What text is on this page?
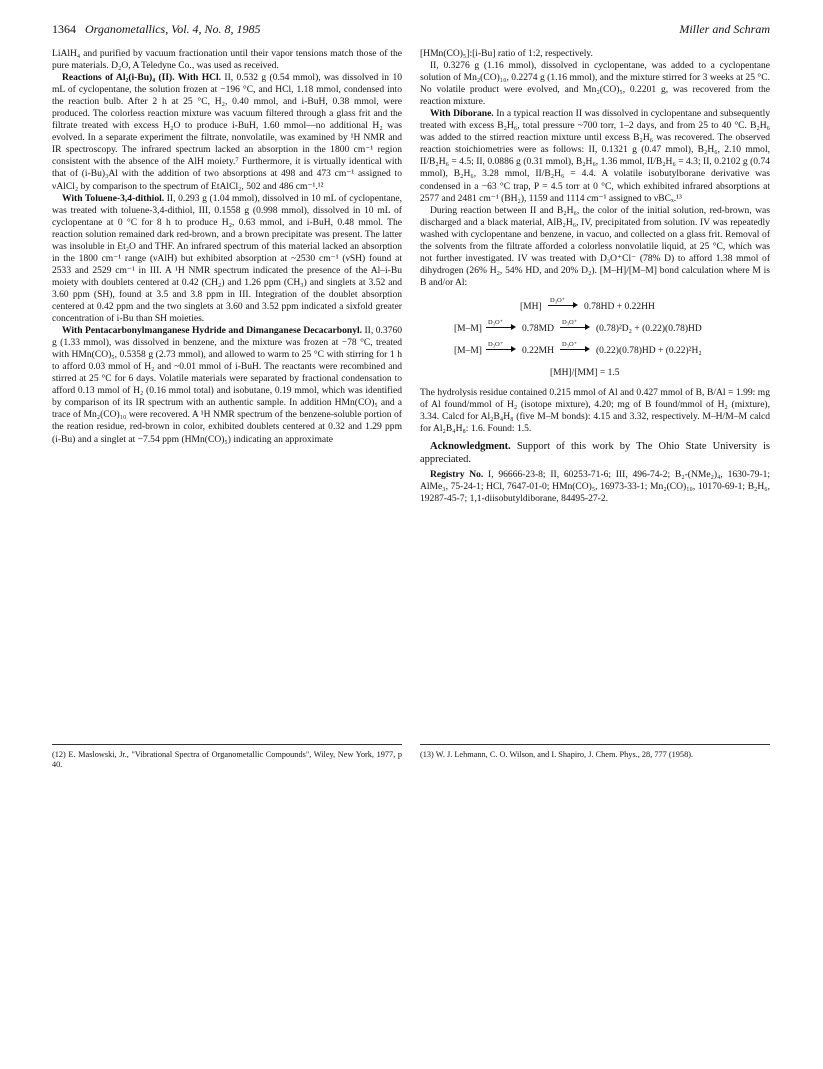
1364 Organometallics, Vol. 4, No. 8, 1985	Miller and Schram

LiAlH₄ and purified by vacuum fractionation until their vapor tensions match those of the pure materials. D₂O, A Teledyne Co., was used as received.

Reactions of Al₂(i-Bu)₄ (II). With HCl. II, 0.532 g (0.54 mmol), was dissolved in 10 mL of cyclopentane, the solution frozen at −196 °C, and HCl, 1.18 mmol, condensed into the reaction bulb. After 2 h at 25 °C, H₂, 0.40 mmol, and i-BuH, 0.38 mmol, were produced. The colorless reaction mixture was vacuum filtered through a glass frit and the filtrate treated with excess H₂O to produce i-BuH, 1.60 mmol—no additional H₂ was evolved. In a separate experiment the filtrate, nonvolatile, was examined by ¹H NMR and IR spectroscopy. The infrared spectrum lacked an absorption in the 1800 cm⁻¹ region consistent with the absence of the AlH moiety.⁷ Furthermore, it is virtually identical with that of (i-Bu)₃Al with the addition of two absorptions at 498 and 473 cm⁻¹ assigned to νAlCl₂ by comparison to the spectrum of EtAlCl₂, 502 and 486 cm⁻¹.¹²

With Toluene-3,4-dithiol. II, 0.293 g (1.04 mmol), dissolved in 10 mL of cyclopentane, was treated with toluene-3,4-dithiol, III, 0.1558 g (0.998 mmol), dissolved in 10 mL of cyclopentane at 0 °C for 8 h to produce H₂, 0.63 mmol, and i-BuH, 0.48 mmol. The reaction solution remained dark red-brown, and a brown precipitate was present. The latter was insoluble in Et₂O and THF. An infrared spectrum of this material lacked an absorption in the 1800 cm⁻¹ range (νAlH) but exhibited absorption at ~2530 cm⁻¹ (νSH) found at 2533 and 2529 cm⁻¹ in III. A ¹H NMR spectrum indicated the presence of the Al–i-Bu moiety with doublets centered at 0.42 (CH₂) and 1.26 ppm (CH₃) and singlets at 3.52 and 3.60 ppm (SH), found at 3.5 and 3.8 ppm in III. Integration of the doublet absorption centered at 0.42 ppm and the two singlets at 3.60 and 3.52 ppm indicated a sixfold greater concentration of i-Bu than SH moieties.

With Pentacarbonylmanganese Hydride and Dimanganese Decacarbonyl. II, 0.3760 g (1.33 mmol), was dissolved in benzene, and the mixture was frozen at −78 °C, treated with HMn(CO)₅, 0.5358 g (2.73 mmol), and allowed to warm to 25 °C with stirring for 1 h to afford 0.03 mmol of H₂ and ~0.01 mmol of i-BuH. The reactants were recombined and stirred at 25 °C for 6 days. Volatile materials were separated by fractional condensation to afford 0.13 mmol of H₂ (0.16 mmol total) and isobutane, 0.19 mmol, which was identified by comparison of its IR spectrum with an authentic sample. In addition HMn(CO)₅ and a trace of Mn₂(CO)₁₀ were recovered. A ¹H NMR spectrum of the benzene-soluble portion of the reation residue, red-brown in color, exhibited doublets centered at 0.32 and 1.29 ppm (i-Bu) and a singlet at −7.54 ppm (HMn(CO)₅) indicating an approximate

[HMn(CO)₅]:[i-Bu] ratio of 1:2, respectively.

II, 0.3276 g (1.16 mmol), dissolved in cyclopentane, was added to a cyclopentane solution of Mn₂(CO)₁₀, 0.2274 g (1.16 mmol), and the mixture stirred for 3 weeks at 25 °C. No volatile product were evolved, and Mn₂(CO)₅, 0.2201 g, was recovered from the reaction mixture.

With Diborane. In a typical reaction II was dissolved in cyclopentane and subsequently treated with excess B₂H₆, total pressure ~700 torr, 1–2 days, and from 25 to 40 °C. B₂H₆ was added to the stirred reaction mixture until excess B₂H₆ was recovered. The observed reaction stoichiometries were as follows: II, 0.1321 g (0.47 mmol), B₂H₆, 2.10 mmol, II/B₂H₆ = 4.5; II, 0.0886 g (0.31 mmol), B₂H₆, 1.36 mmol, II/B₂H₆ = 4.3; II, 0.2102 g (0.74 mmol), B₂H₆, 3.28 mmol, II/B₂H₆ = 4.4. A volatile isobutylborane derivative was condensed in a −63 °C trap, P = 4.5 torr at 0 °C, which exhibited infrared absorptions at 2577 and 2481 cm⁻¹ (BH₂), 1159 and 1114 cm⁻¹ assigned to νBCₓ.¹³

During reaction between II and B₂H₆, the color of the initial solution, red-brown, was discharged and a black material, AlB₂H₆, IV, precipitated from solution. IV was repeatedly washed with cyclopentane and benzene, in vacuo, and collected on a glass frit. Removal of the solvents from the filtrate afforded a colorless nonvolatile liquid, at 25 °C, which was not further investigated. IV was treated with D₃O⁺Cl⁻ (78% D) to afford 1.38 mmol of dihydrogen (26% H₂, 54% HD, and 20% D₂). [M–H]/[M–M] bond calculation where M is B and/or Al:

[MH]
D₃O⁺
0.78HD + 0.22HH
[M–M]
D₃O⁺
0.78MD
D₃O⁺
(0.78)²D₂ + (0.22)(0.78)HD
[M–M]
D₃O⁺
0.22MH
D₃O⁺
(0.22)(0.78)HD + (0.22)²H₂
[MH]/[MM] = 1.5

The hydrolysis residue contained 0.215 mmol of Al and 0.427 mmol of B, B/Al = 1.99: mg of Al found/mmol of H₂ (isotope mixture), 4.20; mg of B found/mmol of H₂ (mixture), 3.34. Calcd for Al₂B₄H₈ (five M–M bonds): 4.15 and 3.32, respectively. M–H/M–M calcd for Al₂B₄H₈: 1.6. Found: 1.5.

Acknowledgment. Support of this work by The Ohio State University is appreciated.

Registry No. I, 96666-23-8; II, 60253-71-6; III, 496-74-2; B₂-(NMe₂)₄, 1630-79-1; AlMe₃, 75-24-1; HCl, 7647-01-0; HMn(CO)₅, 16973-33-1; Mn₂(CO)₁₀, 10170-69-1; B₂H₆, 19287-45-7; 1,1-diisobutyldiborane, 84495-27-2.

(12) E. Maslowski, Jr., "Vibrational Spectra of Organometallic Compounds", Wiley, New York, 1977, p 40.
(13) W. J. Lehmann, C. O. Wilson, and I. Shapiro, J. Chem. Phys., 28, 777 (1958).
